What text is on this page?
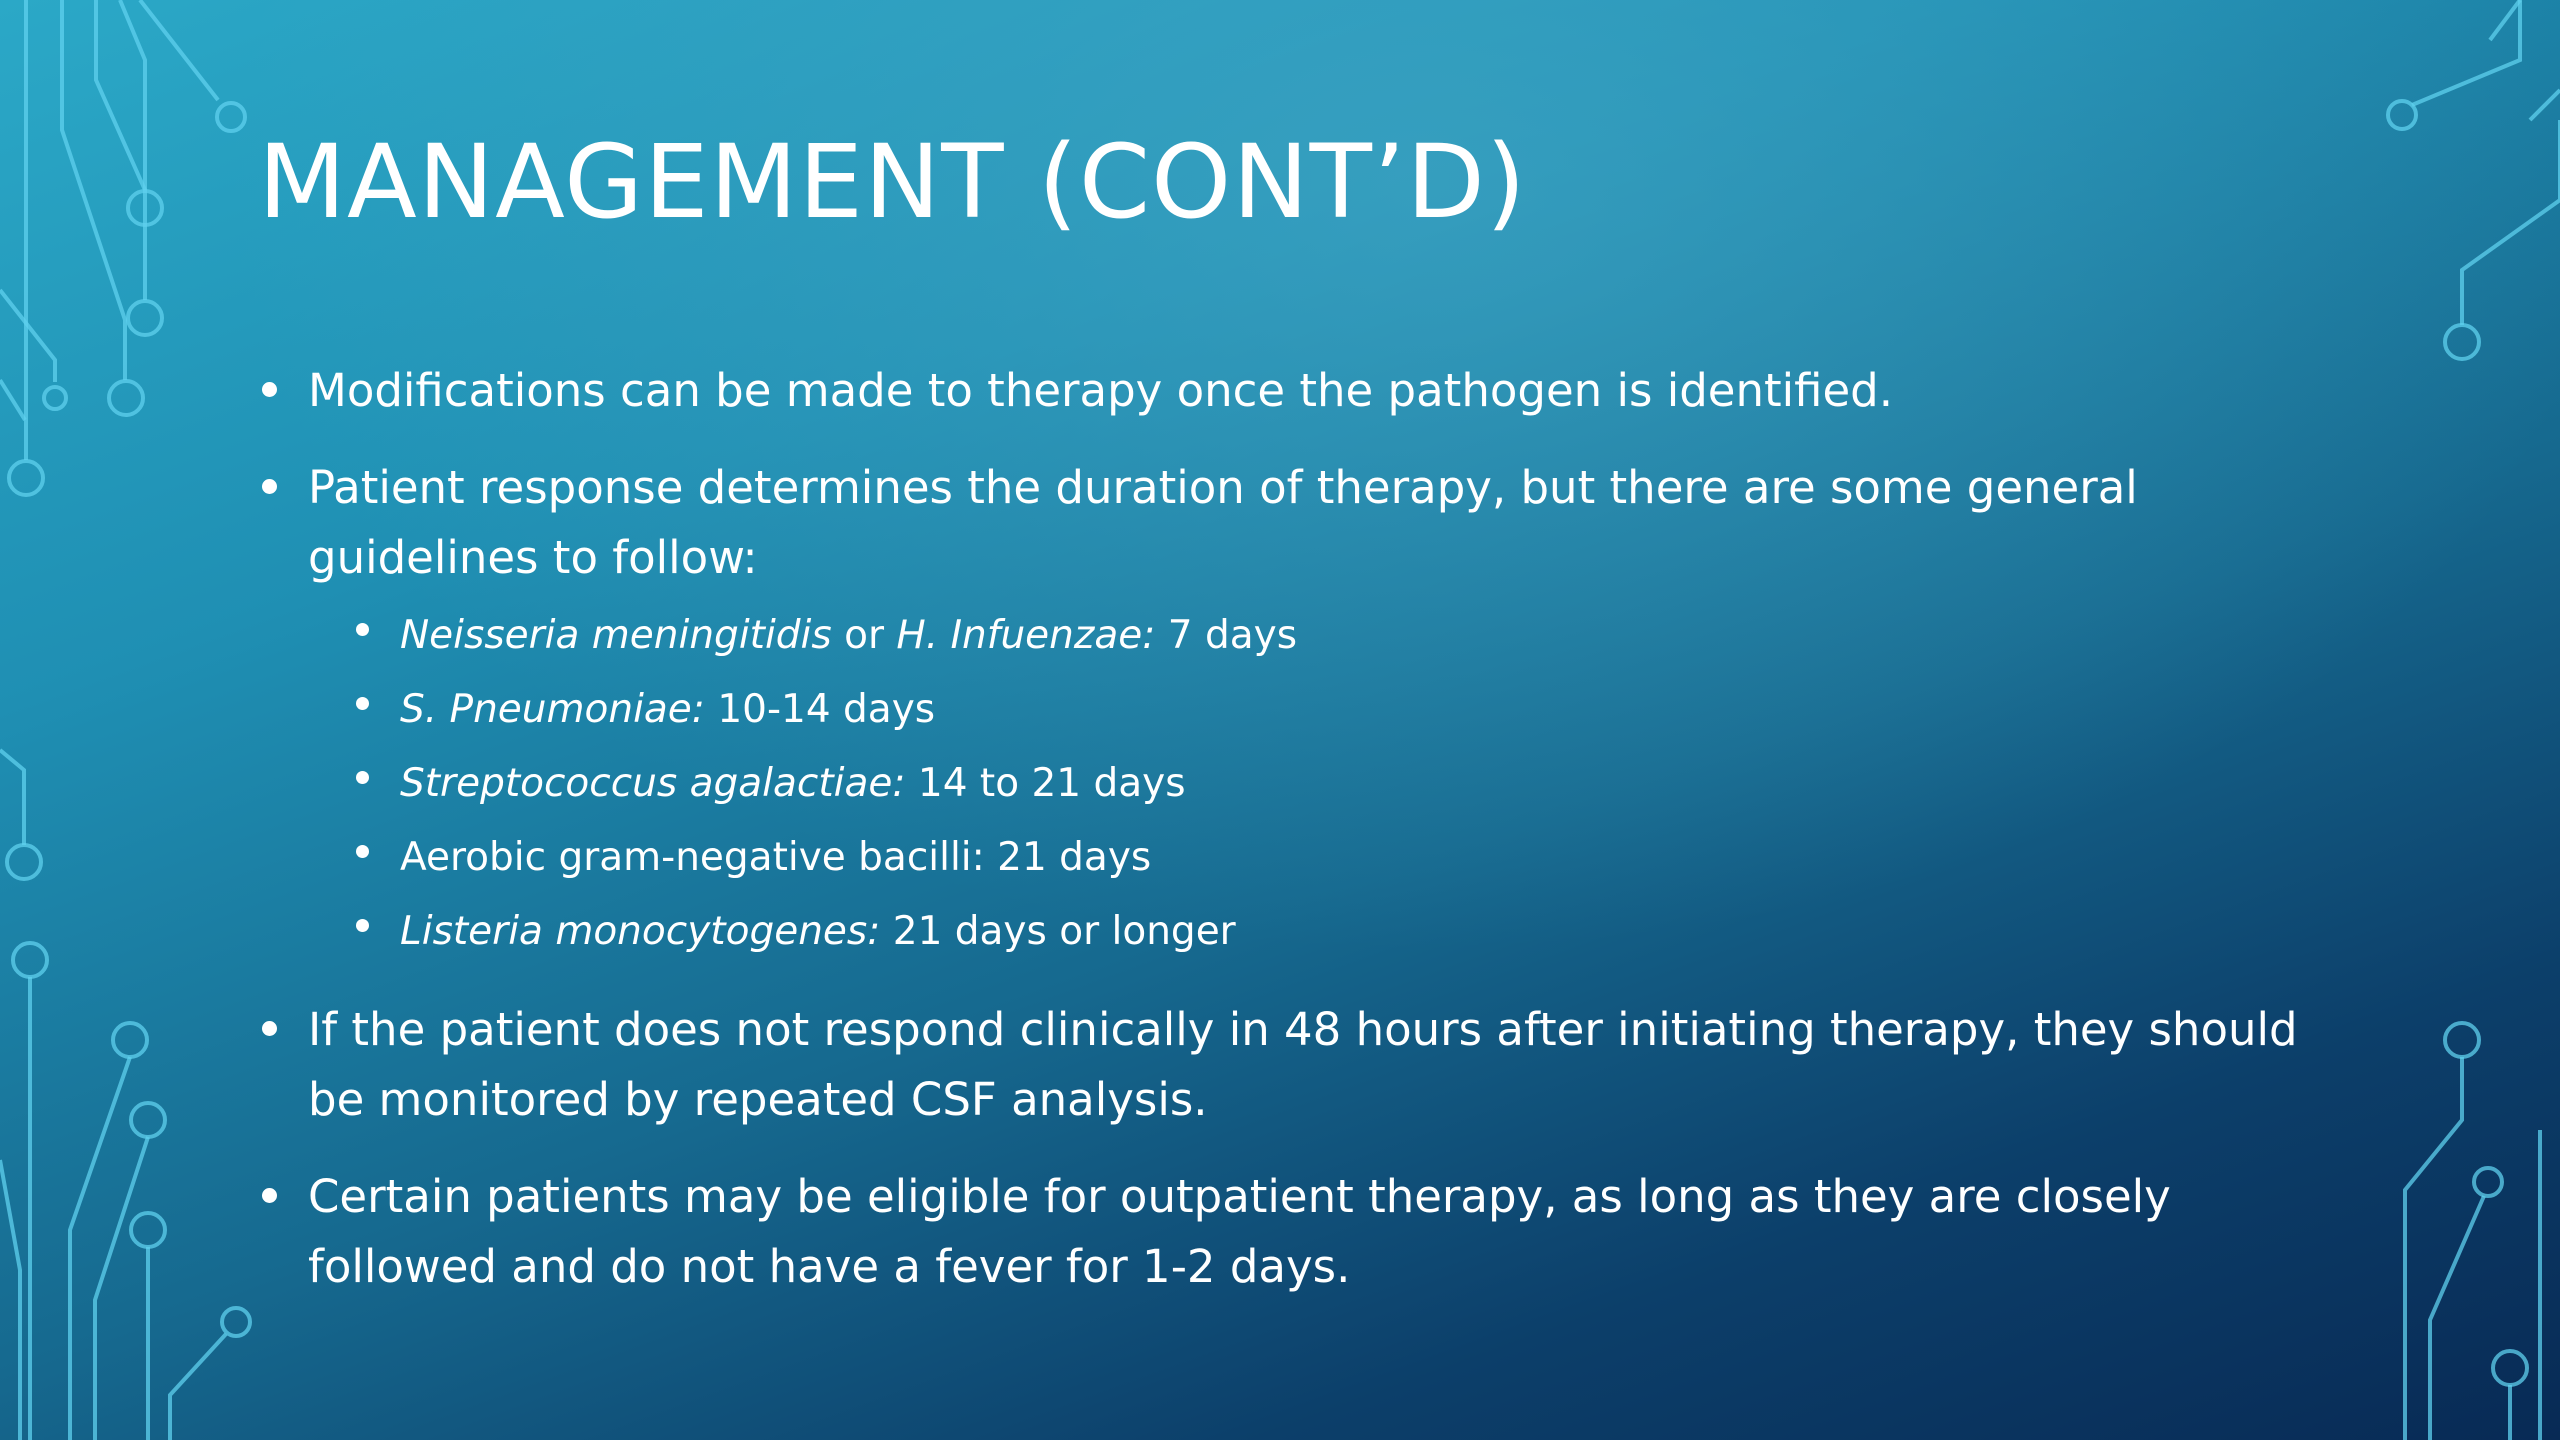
MANAGEMENT (CONT’D)
Modifications can be made to therapy once the pathogen is identified.
Patient response determines the duration of therapy, but there are some general guidelines to follow:
Neisseria meningitidis or H. Infuenzae: 7 days
S. Pneumoniae: 10-14 days
Streptococcus agalactiae: 14 to 21 days
Aerobic gram-negative bacilli: 21 days
Listeria monocytogenes: 21 days or longer
If the patient does not respond clinically in 48 hours after initiating therapy, they should be monitored by repeated CSF analysis.
Certain patients may be eligible for outpatient therapy, as long as they are closely followed and do not have a fever for 1-2 days.
